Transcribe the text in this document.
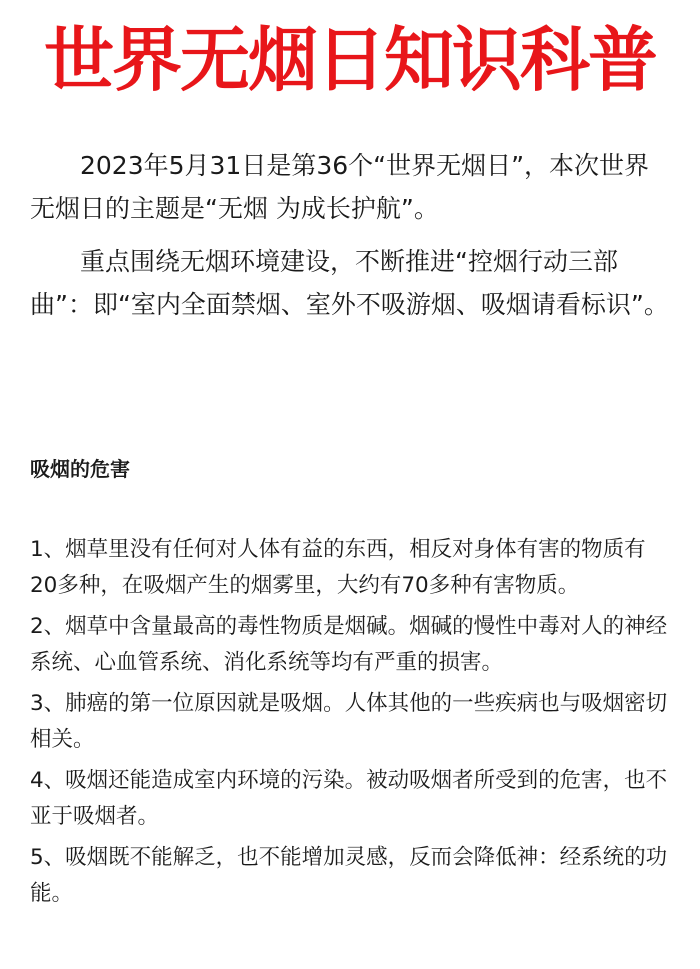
世界无烟日知识科普

2023年5月31日是第36个“世界无烟日”，本次世界无烟日的主题是“无烟 为成长护航”。

重点围绕无烟环境建设，不断推进“控烟行动三部曲”：即“室内全面禁烟、室外不吸游烟、吸烟请看标识”。

吸烟的危害

1、烟草里没有任何对人体有益的东西，相反对身体有害的物质有20多种，在吸烟产生的烟雾里，大约有70多种有害物质。

2、烟草中含量最高的毒性物质是烟碱。烟碱的慢性中毒对人的神经系统、心血管系统、消化系统等均有严重的损害。

3、肺癌的第一位原因就是吸烟。人体其他的一些疾病也与吸烟密切相关。

4、吸烟还能造成室内环境的污染。被动吸烟者所受到的危害，也不亚于吸烟者。

5、吸烟既不能解乏，也不能增加灵感，反而会降低神：经系统的功能。
